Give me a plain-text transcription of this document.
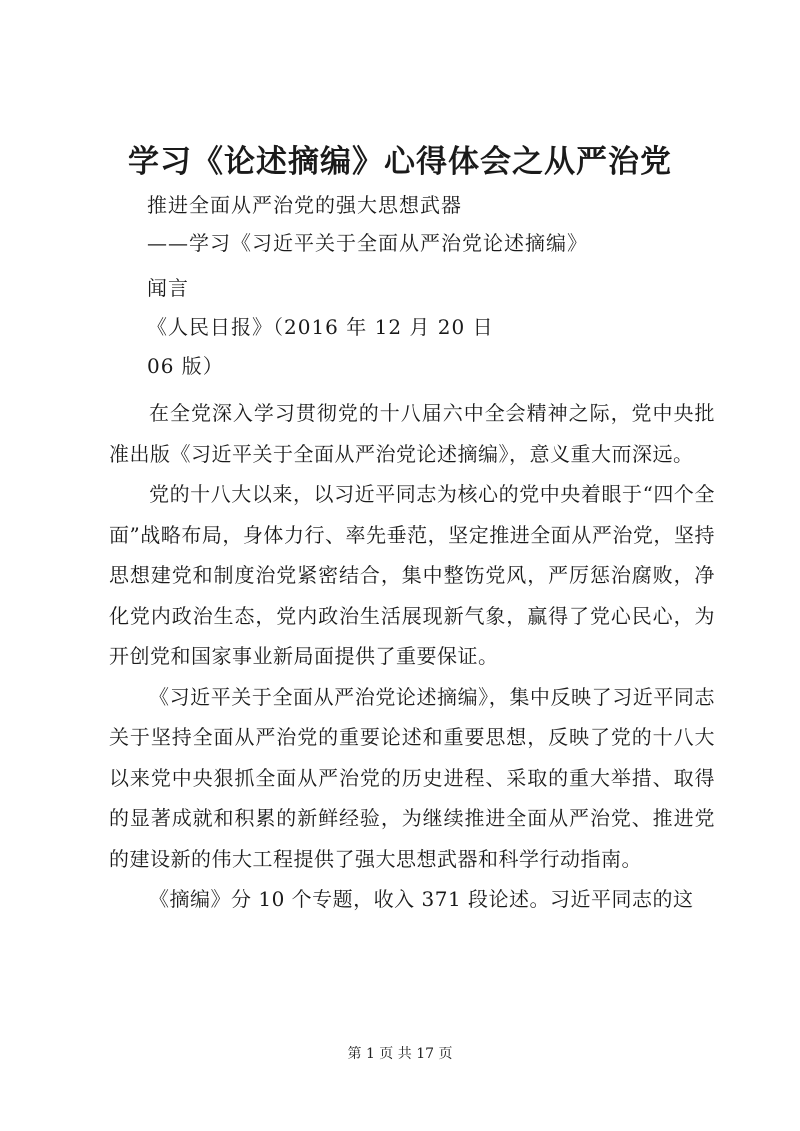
学习《论述摘编》心得体会之从严治党
推进全面从严治党的强大思想武器
——学习《习近平关于全面从严治党论述摘编》
闻言
《人民日报》（2016 年 12 月 20 日
06 版）

在全党深入学习贯彻党的十八届六中全会精神之际，党中央批准出版《习近平关于全面从严治党论述摘编》，意义重大而深远。

党的十八大以来，以习近平同志为核心的党中央着眼于“四个全面”战略布局，身体力行、率先垂范，坚定推进全面从严治党，坚持思想建党和制度治党紧密结合，集中整饬党风，严厉惩治腐败，净化党内政治生态，党内政治生活展现新气象，赢得了党心民心，为开创党和国家事业新局面提供了重要保证。

《习近平关于全面从严治党论述摘编》，集中反映了习近平同志关于坚持全面从严治党的重要论述和重要思想，反映了党的十八大以来党中央狠抓全面从严治党的历史进程、采取的重大举措、取得的显著成就和积累的新鲜经验，为继续推进全面从严治党、推进党的建设新的伟大工程提供了强大思想武器和科学行动指南。

《摘编》分 10 个专题，收入 371 段论述。习近平同志的这

第 1 页 共 17 页
